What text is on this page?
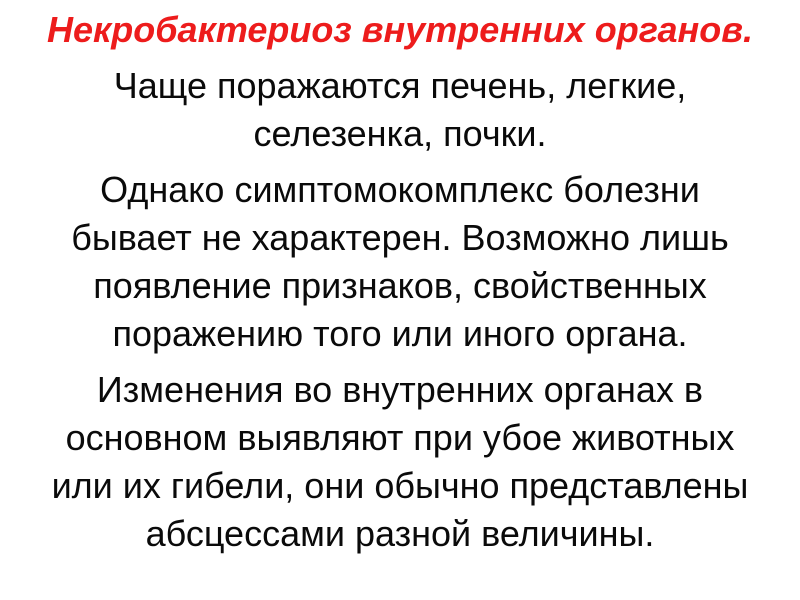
Некробактериоз внутренних органов.
Чаще поражаются печень, легкие,
селезенка, почки.
Однако симптомокомплекс болезни
бывает не характерен. Возможно лишь
появление признаков, свойственных
поражению того или иного органа.
Изменения во внутренних органах в
основном выявляют при убое животных
или их гибели, они обычно представлены
абсцессами разной величины.
